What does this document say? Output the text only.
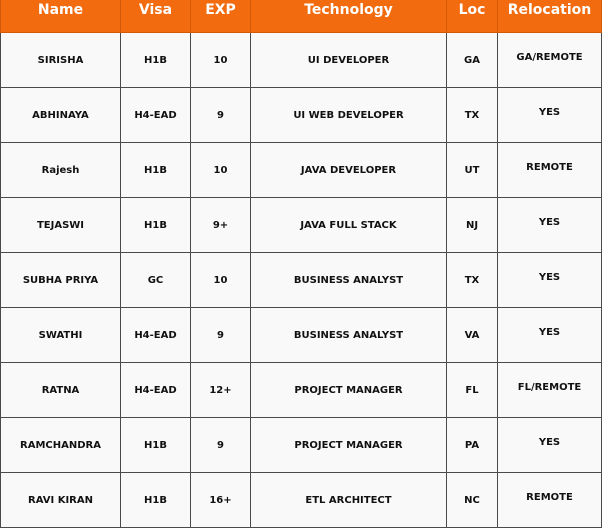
Name	Visa	EXP	Technology	Loc	Relocation
SIRISHA	H1B	10	UI DEVELOPER	GA	GA/REMOTE
ABHINAYA	H4-EAD	9	UI WEB DEVELOPER	TX	YES
Rajesh	H1B	10	JAVA DEVELOPER	UT	REMOTE
TEJASWI	H1B	9+	JAVA FULL STACK	NJ	YES
SUBHA PRIYA	GC	10	BUSINESS ANALYST	TX	YES
SWATHI	H4-EAD	9	BUSINESS ANALYST	VA	YES
RATNA	H4-EAD	12+	PROJECT MANAGER	FL	FL/REMOTE
RAMCHANDRA	H1B	9	PROJECT MANAGER	PA	YES
RAVI KIRAN	H1B	16+	ETL ARCHITECT	NC	REMOTE
